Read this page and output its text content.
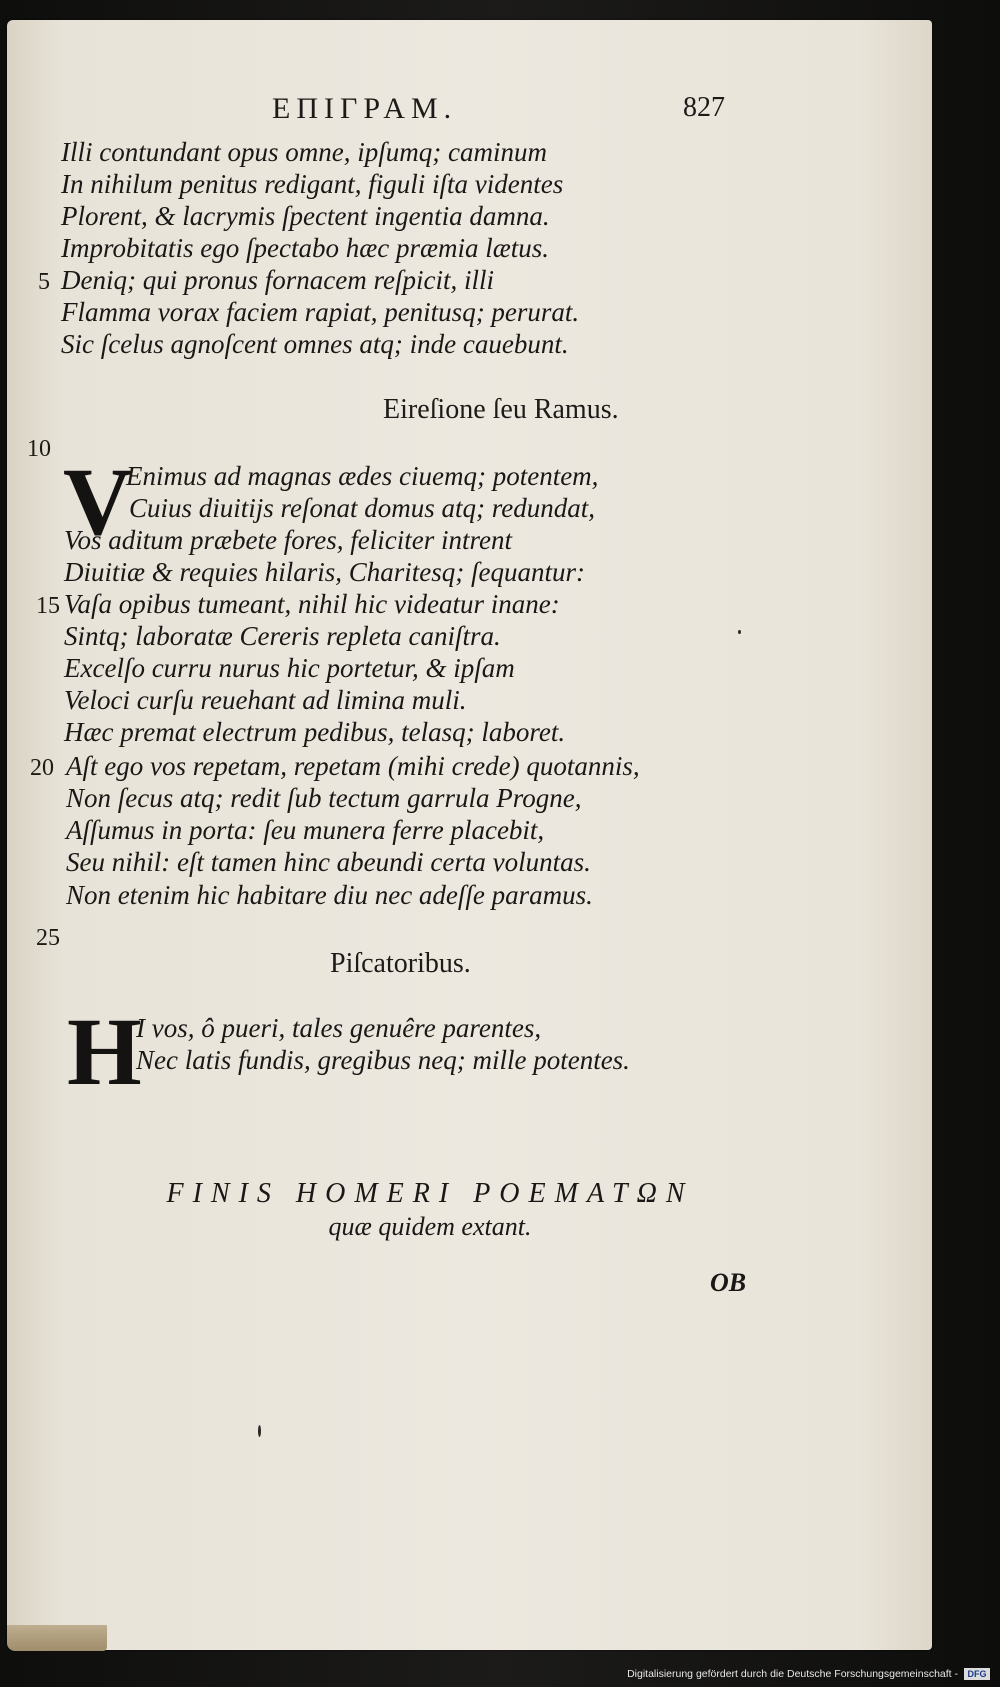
ΕΠΙΓΡΑΜ.	827
Illi contundant opus omne, ipſumq; caminum
In nihilum penitus redigant, figuli iſta videntes
Plorent, & lacrymis ſpectent ingentia damna.
Improbitatis ego ſpectabo hæc præmia lætus.
5 Deniq; qui pronus fornacem reſpicit, illi
Flamma vorax faciem rapiat, penitusq; perurat.
Sic ſcelus agnoſcent omnes atq; inde cauebunt.
Eireſione ſeu Ramus.
10 V
Enimus ad magnas ædes ciuemq; potentem,
Cuius diuitijs reſonat domus atq; redundat,
Vos aditum præbete fores, feliciter intrent
Diuitiæ & requies hilaris, Charitesq; ſequantur:
15 Vaſa opibus tumeant, nihil hic videatur inane:
Sintq; laboratæ Cereris repleta caniſtra.
Excelſo curru nurus hic portetur, & ipſam
Veloci curſu reuehant ad limina muli.
Hæc premat electrum pedibus, telasq; laboret.
20 Aſt ego vos repetam, repetam (mihi crede) quotannis,
Non ſecus atq; redit ſub tectum garrula Progne,
Aſſumus in porta: ſeu munera ferre placebit,
Seu nihil: eſt tamen hinc abeundi certa voluntas.
Non etenim hic habitare diu nec adeſſe paramus.
25
Piſcatoribus.
H
I vos, ô pueri, tales genuêre parentes,
Nec latis fundis, gregibus neq; mille potentes.
FINIS HOMERI POEMATΩN
quæ quidem extant.
OB
Digitalisierung gefördert durch die Deutsche Forschungsgemeinschaft -	DFG
